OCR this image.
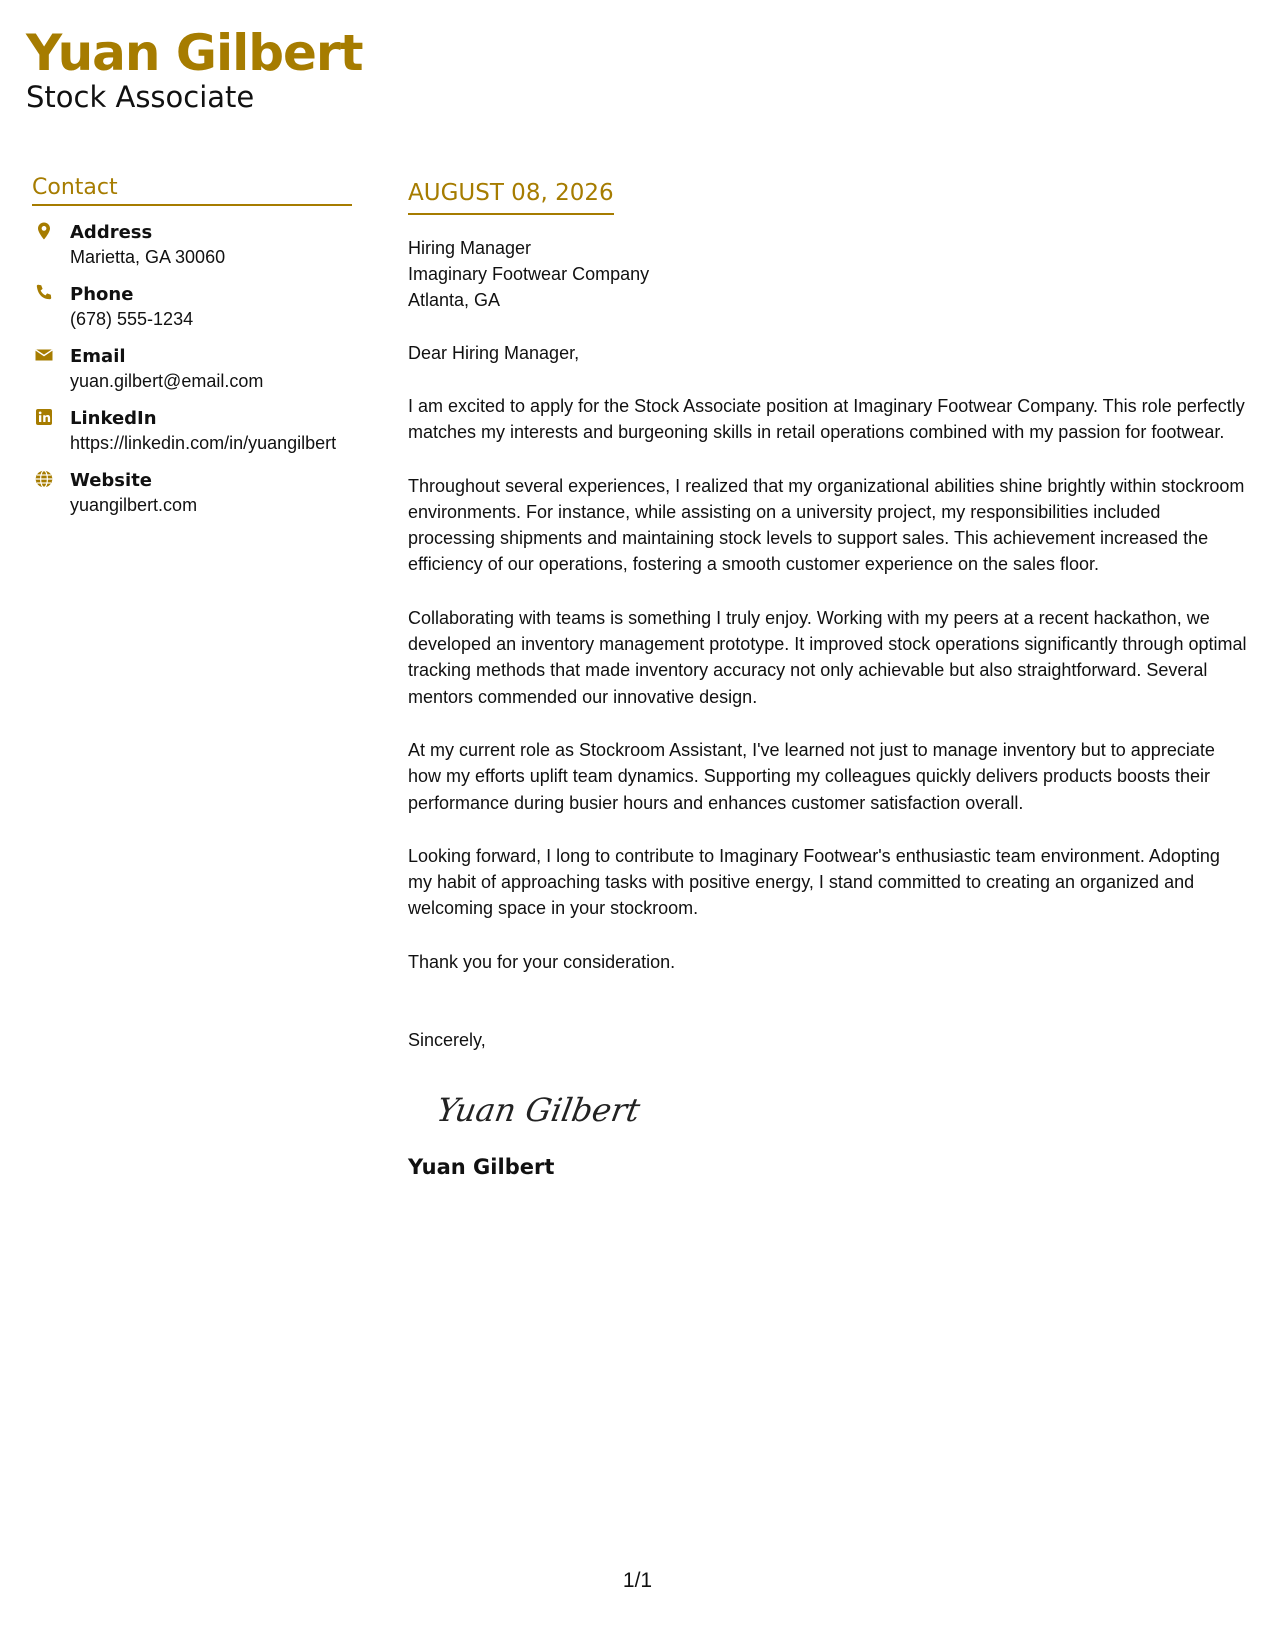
Yuan Gilbert
Stock Associate
Contact
Address
Marietta, GA 30060
Phone
(678) 555-1234
Email
yuan.gilbert@email.com
LinkedIn
https://linkedin.com/in/yuangilbert
Website
yuangilbert.com
AUGUST 08, 2026
Hiring Manager
Imaginary Footwear Company
Atlanta, GA
Dear Hiring Manager,
I am excited to apply for the Stock Associate position at Imaginary Footwear Company. This role perfectly matches my interests and burgeoning skills in retail operations combined with my passion for footwear.
Throughout several experiences, I realized that my organizational abilities shine brightly within stockroom environments. For instance, while assisting on a university project, my responsibilities included processing shipments and maintaining stock levels to support sales. This achievement increased the efficiency of our operations, fostering a smooth customer experience on the sales floor.
Collaborating with teams is something I truly enjoy. Working with my peers at a recent hackathon, we developed an inventory management prototype. It improved stock operations significantly through optimal tracking methods that made inventory accuracy not only achievable but also straightforward. Several mentors commended our innovative design.
At my current role as Stockroom Assistant, I've learned not just to manage inventory but to appreciate how my efforts uplift team dynamics. Supporting my colleagues quickly delivers products boosts their performance during busier hours and enhances customer satisfaction overall.
Looking forward, I long to contribute to Imaginary Footwear's enthusiastic team environment. Adopting my habit of approaching tasks with positive energy, I stand committed to creating an organized and welcoming space in your stockroom.
Thank you for your consideration.
Sincerely,
Yuan Gilbert
Yuan Gilbert
1/1
